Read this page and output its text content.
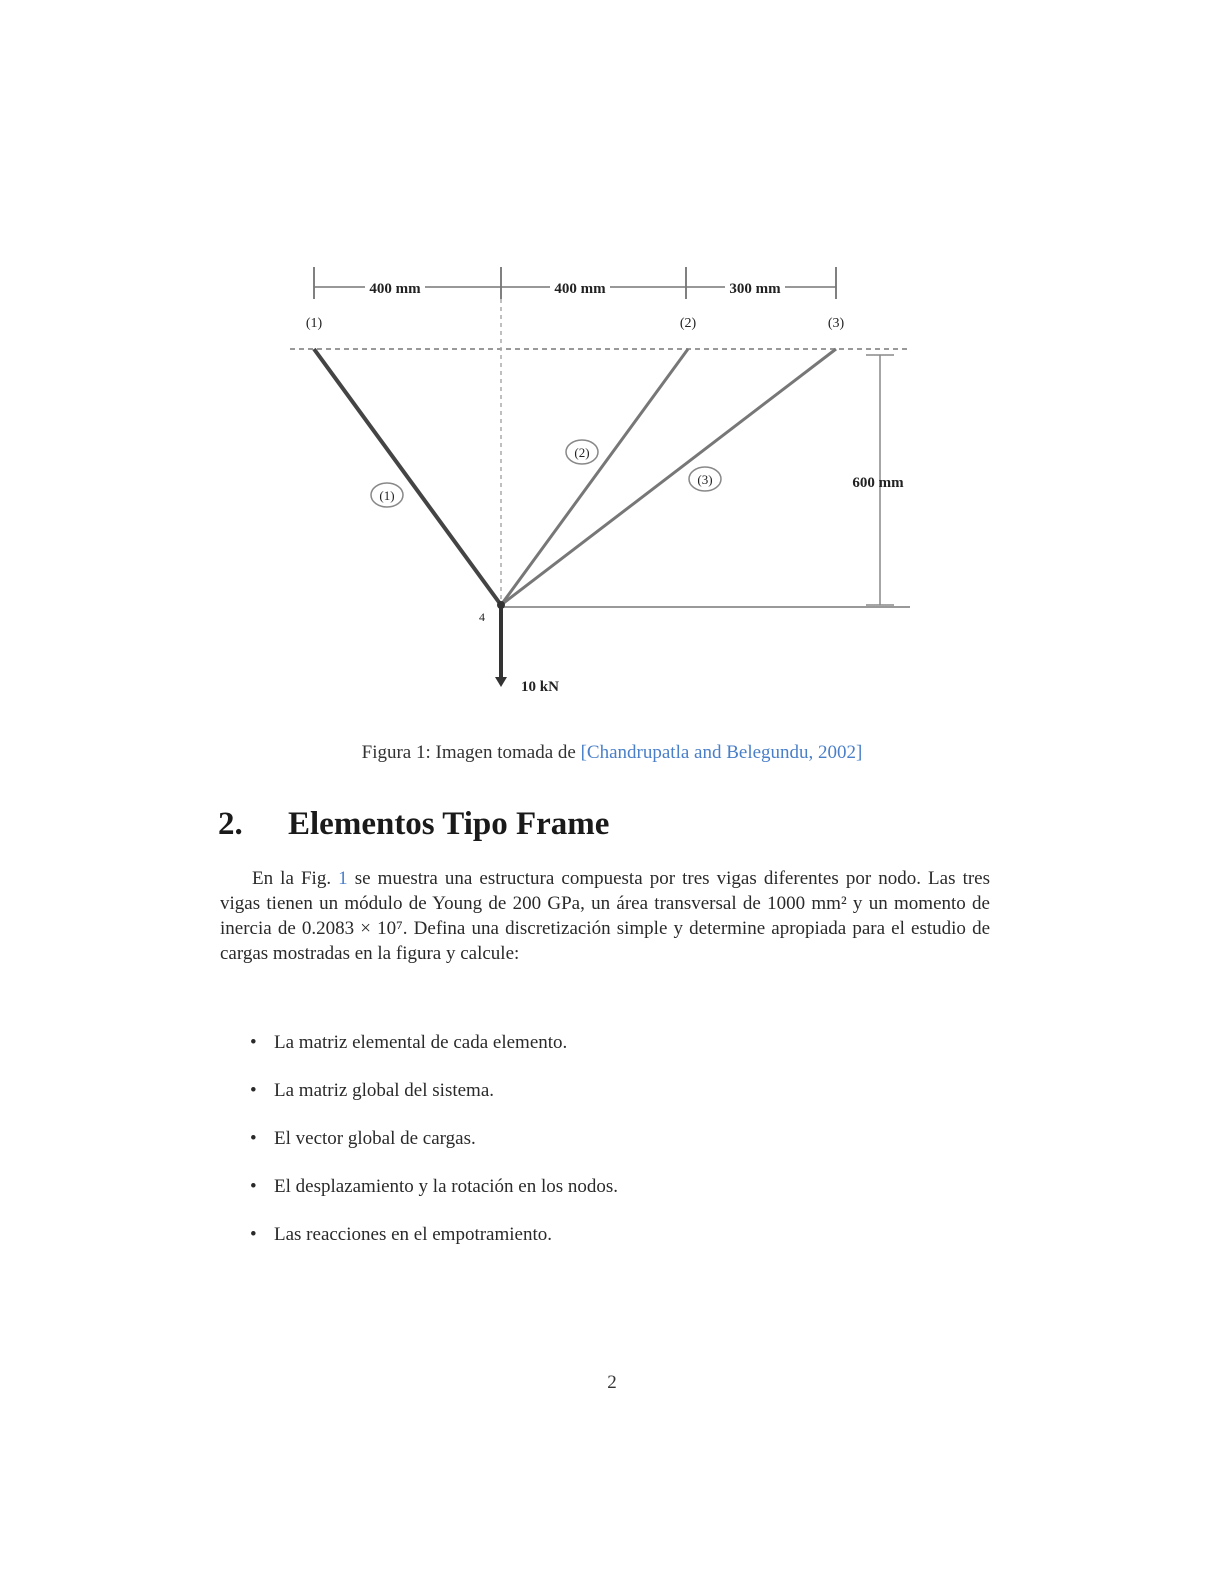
400 mm	400 mm	300 mm
(1)	(2)	(3)
(1)
(2)
(3)	600 mm
4
10 kN
Figura 1: Imagen tomada de [Chandrupatla and Belegundu, 2002]
2. Elementos Tipo Frame
En la Fig. 1 se muestra una estructura compuesta por tres vigas diferentes por nodo. Las tres vigas tienen un módulo de Young de 200 GPa, un área transversal de 1000 mm² y un momento de inercia de 0.2083 × 10⁷. Defina una discretización simple y determine apropiada para el estudio de cargas mostradas en la figura y calcule:
• La matriz elemental de cada elemento.
• La matriz global del sistema.
• El vector global de cargas.
• El desplazamiento y la rotación en los nodos.
• Las reacciones en el empotramiento.
2
